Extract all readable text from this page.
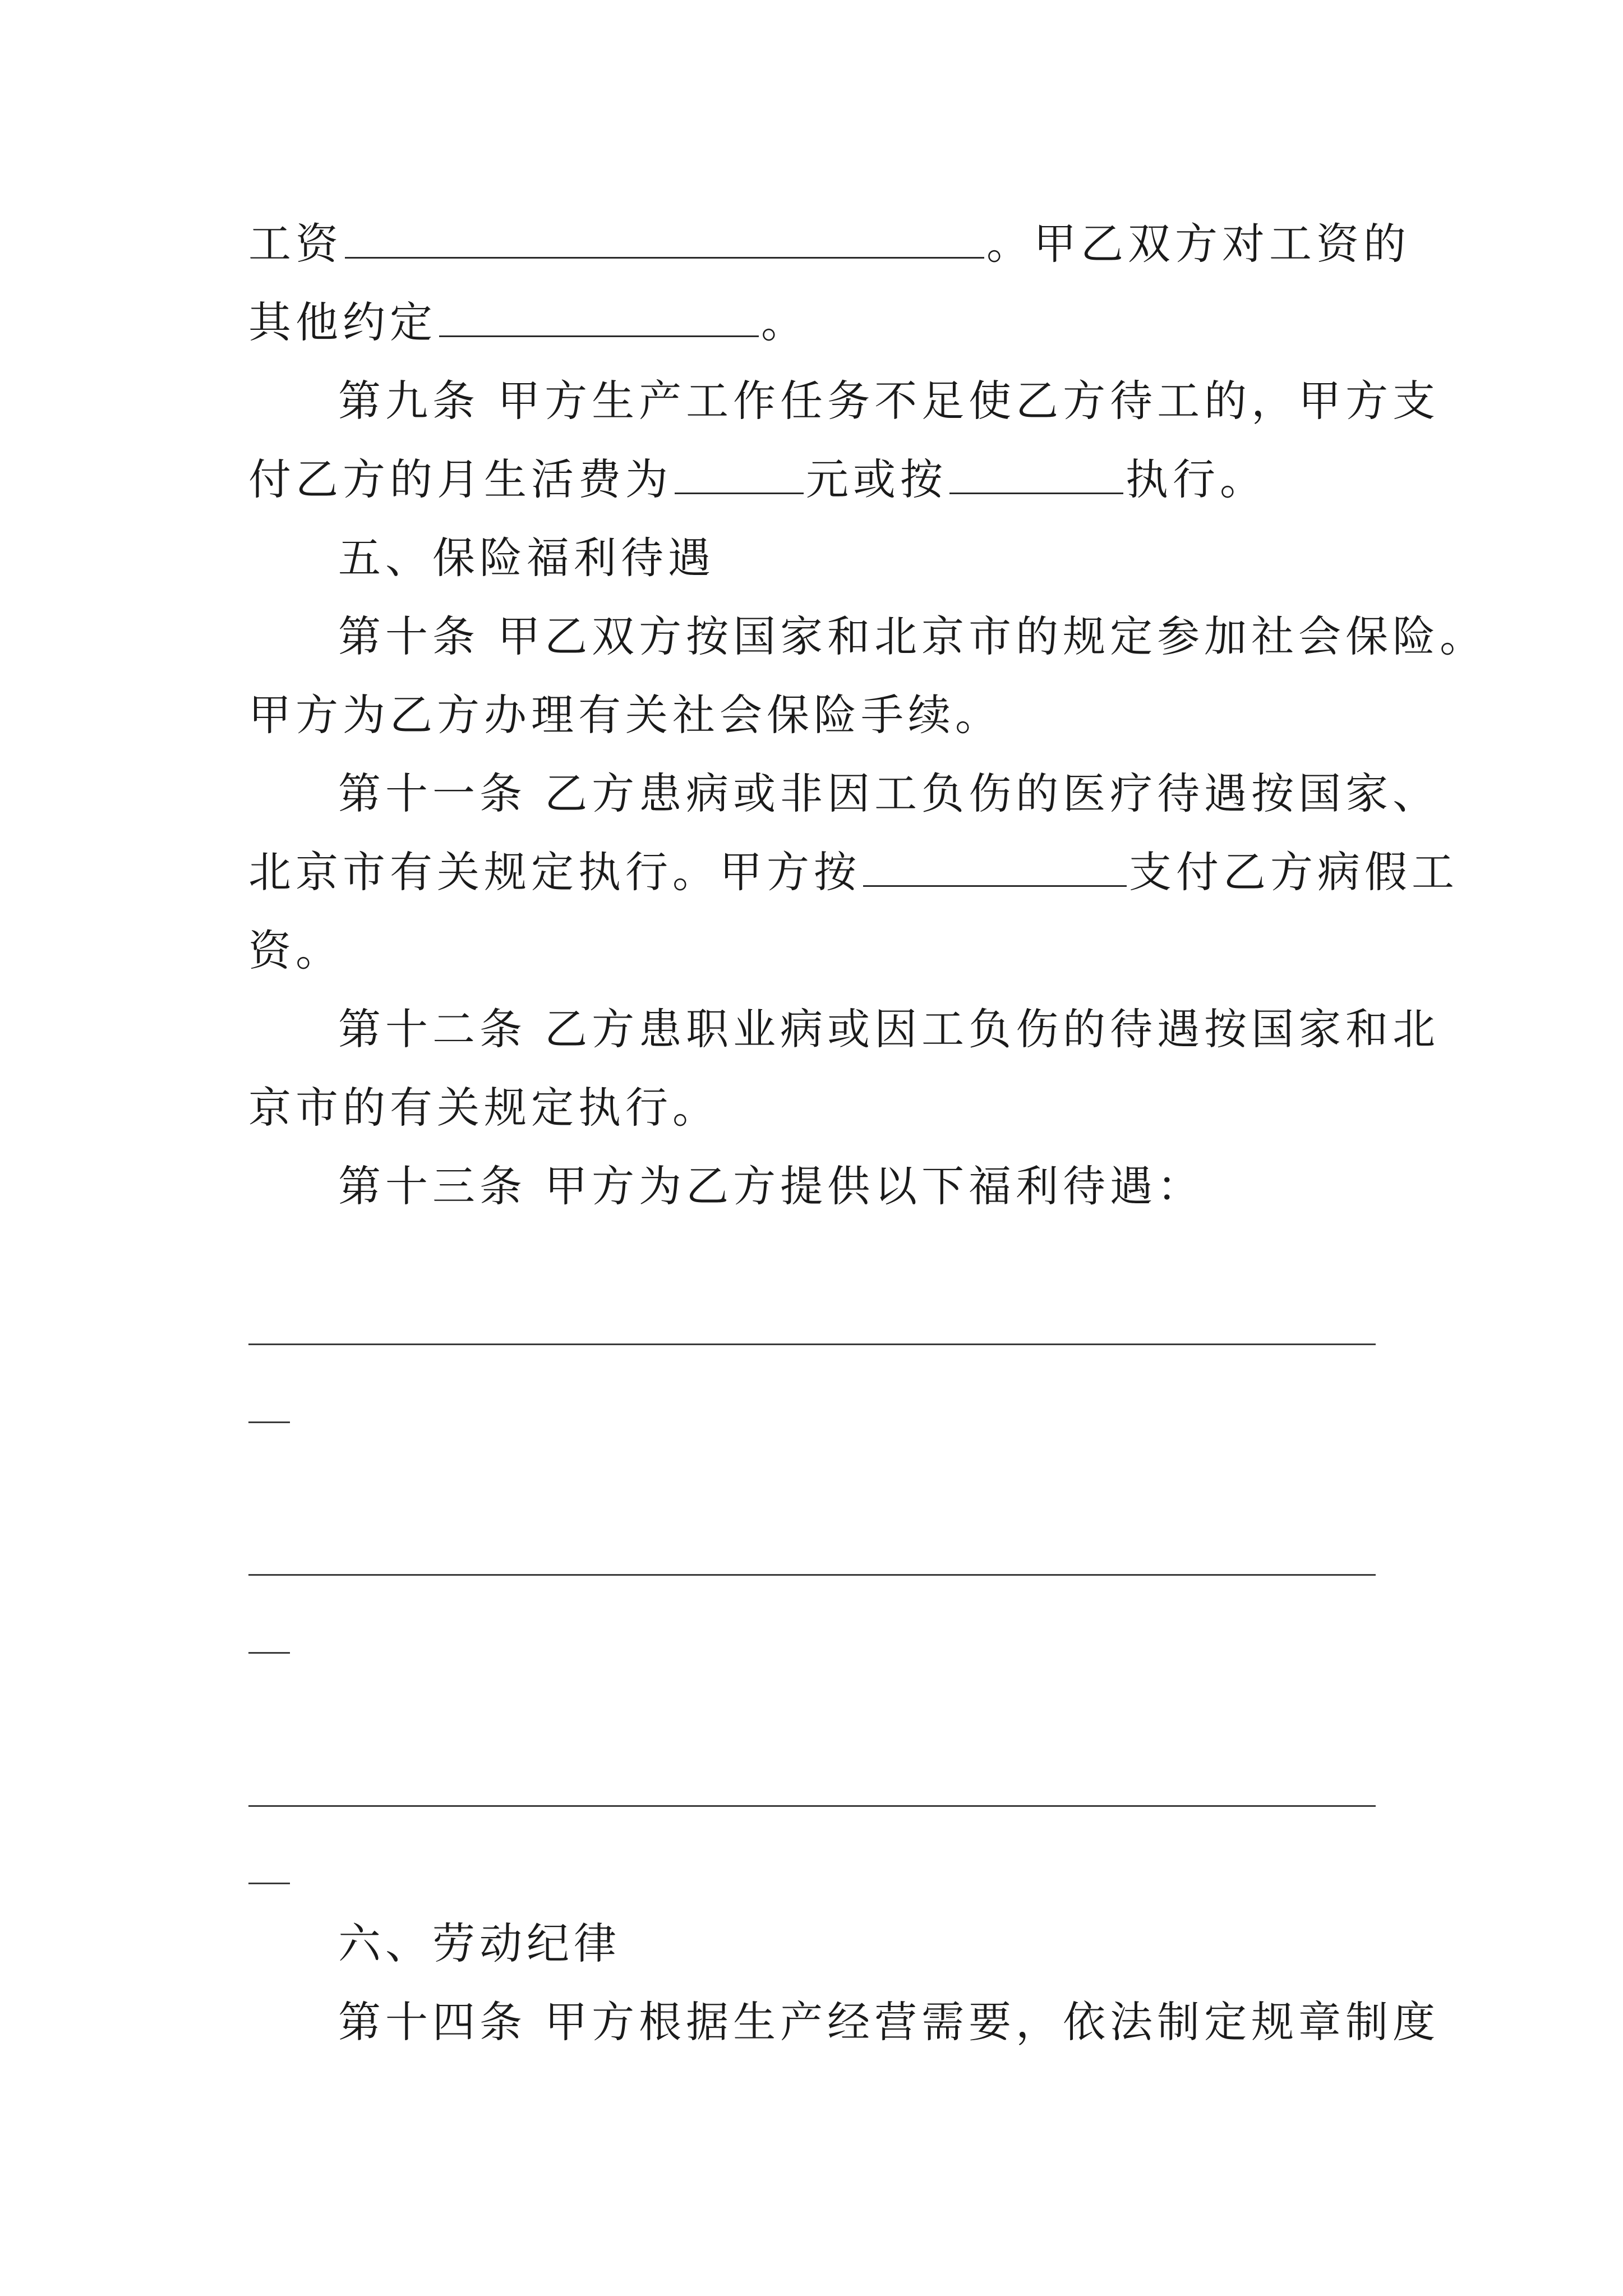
工资	。甲乙双方对工资的
其他约定	。
第九条 甲方生产工作任务不足使乙方待工的，甲方支
付乙方的月生活费为	元或按	执行。
五、保险福利待遇
第十条 甲乙双方按国家和北京市的规定参加社会保险。
甲方为乙方办理有关社会保险手续。
第十一条 乙方患病或非因工负伤的医疗待遇按国家、
北京市有关规定执行。甲方按	支付乙方病假工
资。
第十二条 乙方患职业病或因工负伤的待遇按国家和北
京市的有关规定执行。
第十三条 甲方为乙方提供以下福利待遇：
六、劳动纪律
第十四条 甲方根据生产经营需要，依法制定规章制度
